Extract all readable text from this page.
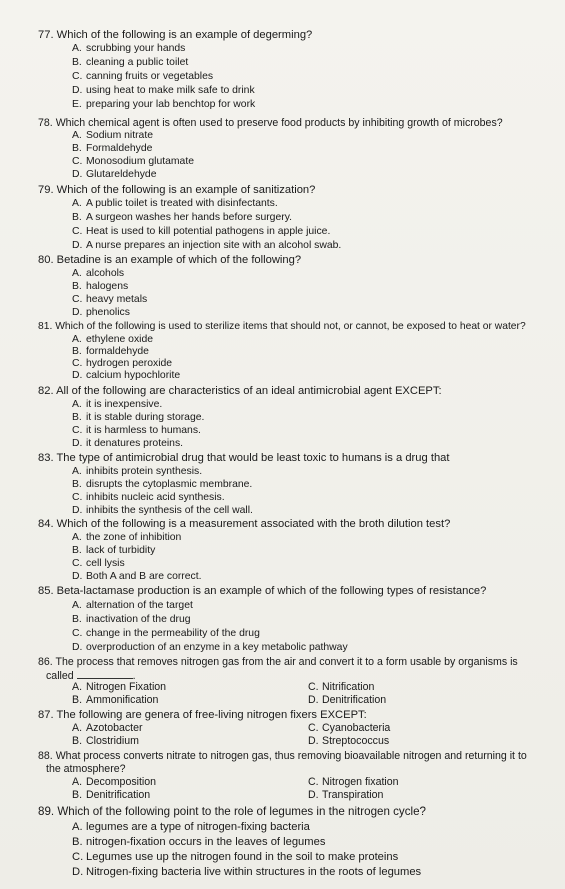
77. Which of the following is an example of degerming?
A. scrubbing your hands
B. cleaning a public toilet
C. canning fruits or vegetables
D. using heat to make milk safe to drink
E. preparing your lab benchtop for work
78. Which chemical agent is often used to preserve food products by inhibiting growth of microbes?
A. Sodium nitrate
B. Formaldehyde
C. Monosodium glutamate
D. Glutareldehyde
79. Which of the following is an example of sanitization?
A. A public toilet is treated with disinfectants.
B. A surgeon washes her hands before surgery.
C. Heat is used to kill potential pathogens in apple juice.
D. A nurse prepares an injection site with an alcohol swab.
80. Betadine is an example of which of the following?
A. alcohols
B. halogens
C. heavy metals
D. phenolics
81. Which of the following is used to sterilize items that should not, or cannot, be exposed to heat or water?
A. ethylene oxide
B. formaldehyde
C. hydrogen peroxide
D. calcium hypochlorite
82. All of the following are characteristics of an ideal antimicrobial agent EXCEPT:
A. it is inexpensive.
B. it is stable during storage.
C. it is harmless to humans.
D. it denatures proteins.
83. The type of antimicrobial drug that would be least toxic to humans is a drug that
A. inhibits protein synthesis.
B. disrupts the cytoplasmic membrane.
C. inhibits nucleic acid synthesis.
D. inhibits the synthesis of the cell wall.
84. Which of the following is a measurement associated with the broth dilution test?
A. the zone of inhibition
B. lack of turbidity
C. cell lysis
D. Both A and B are correct.
85. Beta-lactamase production is an example of which of the following types of resistance?
A. alternation of the target
B. inactivation of the drug
C. change in the permeability of the drug
D. overproduction of an enzyme in a key metabolic pathway
86. The process that removes nitrogen gas from the air and convert it to a form usable by organisms is
called	.
A. Nitrogen Fixation
B. Ammonification
C. Nitrification
D. Denitrification
87. The following are genera of free-living nitrogen fixers EXCEPT:
A. Azotobacter
B. Clostridium
C. Cyanobacteria
D. Streptococcus
88. What process converts nitrate to nitrogen gas, thus removing bioavailable nitrogen and returning it to
the atmosphere?
A. Decomposition
B. Denitrification
C. Nitrogen fixation
D. Transpiration
89. Which of the following point to the role of legumes in the nitrogen cycle?
A. legumes are a type of nitrogen-fixing bacteria
B. nitrogen-fixation occurs in the leaves of legumes
C. Legumes use up the nitrogen found in the soil to make proteins
D. Nitrogen-fixing bacteria live within structures in the roots of legumes
